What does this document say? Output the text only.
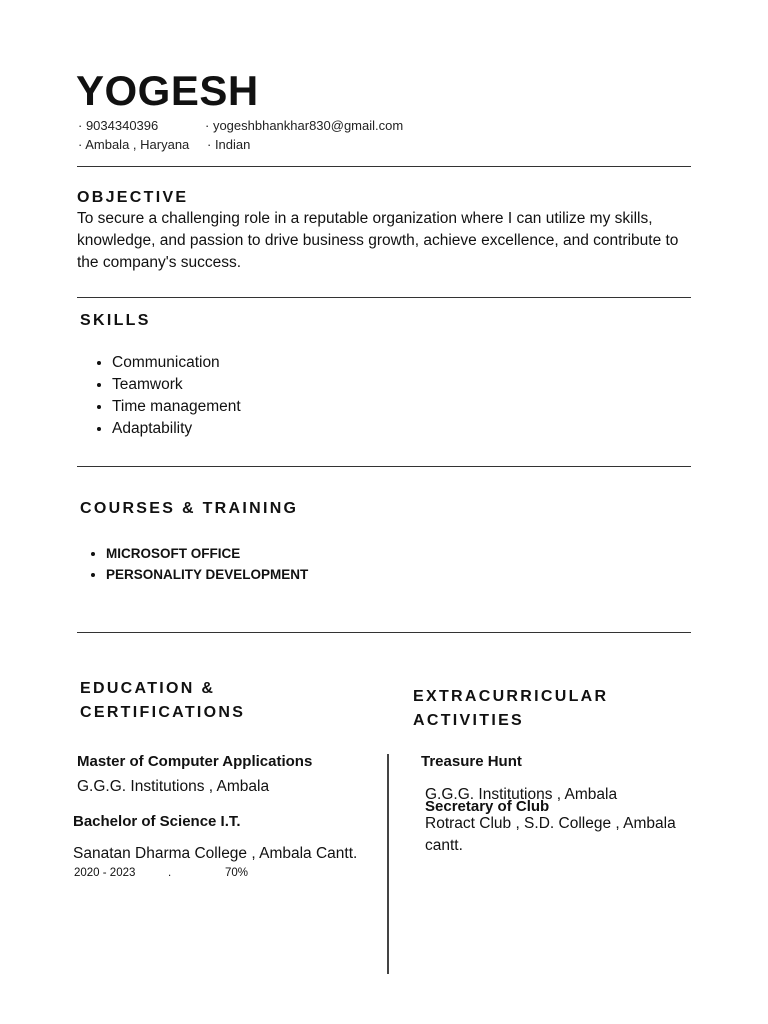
YOGESH
· 9034340396	· yogeshbhankhar830@gmail.com
· Ambala , Haryana · Indian
OBJECTIVE
To secure a challenging role in a reputable organization where I can utilize my skills, knowledge, and passion to drive business growth, achieve excellence, and contribute to the company's success.
SKILLS
• Communication
• Teamwork
• Time management
• Adaptability
COURSES & TRAINING
• MICROSOFT OFFICE
• PERSONALITY DEVELOPMENT
EDUCATION &
CERTIFICATIONS
Master of Computer Applications
G.G.G. Institutions , Ambala
Bachelor of Science I.T.
Sanatan Dharma College , Ambala Cantt.
2020 - 2023	.	70%
EXTRACURRICULAR
ACTIVITIES
Treasure Hunt
G.G.G. Institutions , Ambala
Secretary of Club
Rotract Club , S.D. College , Ambala cantt.
